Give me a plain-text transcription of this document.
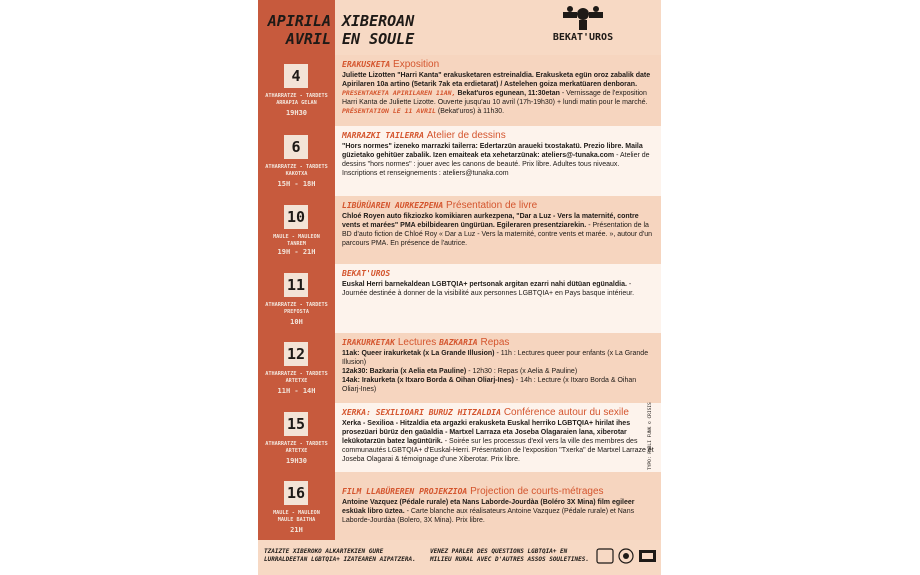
APIRILA
AVRIL
XIBEROAN
EN SOULE	BEKAT'UROS
4
ATHARRATZE - TARDETS
ARRAPIA GELAN
19H30
ERAKUSKETA Exposition
Juliette Lizotten "Harri Kanta" erakusketaren estreinaldia. Erakusketa egün oroz zabalik date Apirilaren 10a artino (5etarik 7ak eta erdietarat) / Astelehen goiza merkatüaren denboran. PRESENTAKETA APIRILAREN 11AN, Bekat'uros egunean, 11:30etan - Vernissage de l'exposition Harri Kanta de Juliette Lizotte. Ouverte jusqu'au 10 avril (17h-19h30) + lundi matin pour le marché. PRÉSENTATION LE 11 AVRIL (Bekat'uros) à 11h30.
6
ATHARRATZE - TARDETS
KAKOTXA
15H - 18H
MARRAZKI TAILERRA Atelier de dessins
"Hors normes" izeneko marrazki tailerra: Edertarzün araueki txostakatü. Prezio libre. Maila güzietako gehitüer zabalik. Izen emaiteak eta xehetarzünak: ateliers@-tunaka.com - Atelier de dessins "hors normes" : jouer avec les canons de beauté. Prix libre. Adultes tous niveaux. Inscriptions et renseignements : ateliers@tunaka.com
10
MAULE - MAULEON
TANREM
19H - 21H
LIBÜRÜAREN AURKEZPENA Présentation de livre
Chloé Royen auto fikziozko komikiaren aurkezpena, "Dar a Luz - Vers la maternité, contre vents et marées" PMA ebilbidearen üngürüan. Egileraren presentziarekin. - Présentation de la BD d'auto fiction de Chloé Roy « Dar a Luz - Vers la maternité, contre vents et marée. », autour d'un parcours PMA. En présence de l'autrice.
11
ATHARRATZE - TARDETS
PREFOSTA
10H
BEKAT'UROS
Euskal Herri barnekaldean LGBTQIA+ pertsonak argitan ezarri nahi dütüan egünaldia. - Journée destinée à donner de la visibilité aux personnes LGBTQIA+ en Pays basque intérieur.
12
ATHARRATZE - TARDETS
ARTETXE
11H - 14H
IRAKURKETAK Lectures BAZKARIA Repas
11ak: Queer irakurketak (x La Grande Illusion) - 11h : Lectures queer pour enfants (x La Grande Illusion)
12ak30: Bazkaria (x Aelia eta Pauline) - 12h30 : Repas (x Aelia & Pauline)
14ak: Irakurketa (x Itxaro Borda & Oihan Oliarj-Ines) - 14h : Lecture (x Itxaro Borda & Oihan Oliarj-Ines)
15
ATHARRATZE - TARDETS
ARTETXE
19H30
XERKA: SEXILIOARI BURUZ HITZALDIA Conférence autour du sexile
Xerka - Sexilioa - Hitzaldia eta argazki erakusketa Euskal herriko LGBTQIA+ hirilat ihes prosezüari bürüz den gaüaldia - Martxel Larraza eta Joseba Olagaraien lana, xiberotar lekükotarzün batez lagüntürik. - Soirée sur les processus d'exil vers la ville des membres des communautés LGBTQIA+ d'Euskal-Herri. Présentation de l'exposition "Txerka" de Martxel Larraze et Joseba Olagarai & témoignage d'une Xiberotar. Prix libre.
16
MAULE - MAULEON
MAULE BAITHA
21H
FILM LLABÜREREN PROJEKZIOA Projection de courts-métrages
Antoine Vazquez (Pédale rurale) eta Nans Laborde-Jourdàa (Boléro 3X Mina) film egileer esküak libro üztea. - Carte blanche aux réalisateurs Antoine Vazquez (Pédale rurale) et Nans Laborde-Jourdàa (Bolero, 3X Mina). Prix libre.
TYPO: PUBLI FUNK © CRISIS
TZAIZTE XIBEROKO ALKARTEKIEN GURE LURRALDEETAN LGBTQIA+ IZATEAREN AIPATZERA.
VENEZ PARLER DES QUESTIONS LGBTQIA+ EN MILIEU RURAL AVEC D'AUTRES ASSOS SOULETINES.
